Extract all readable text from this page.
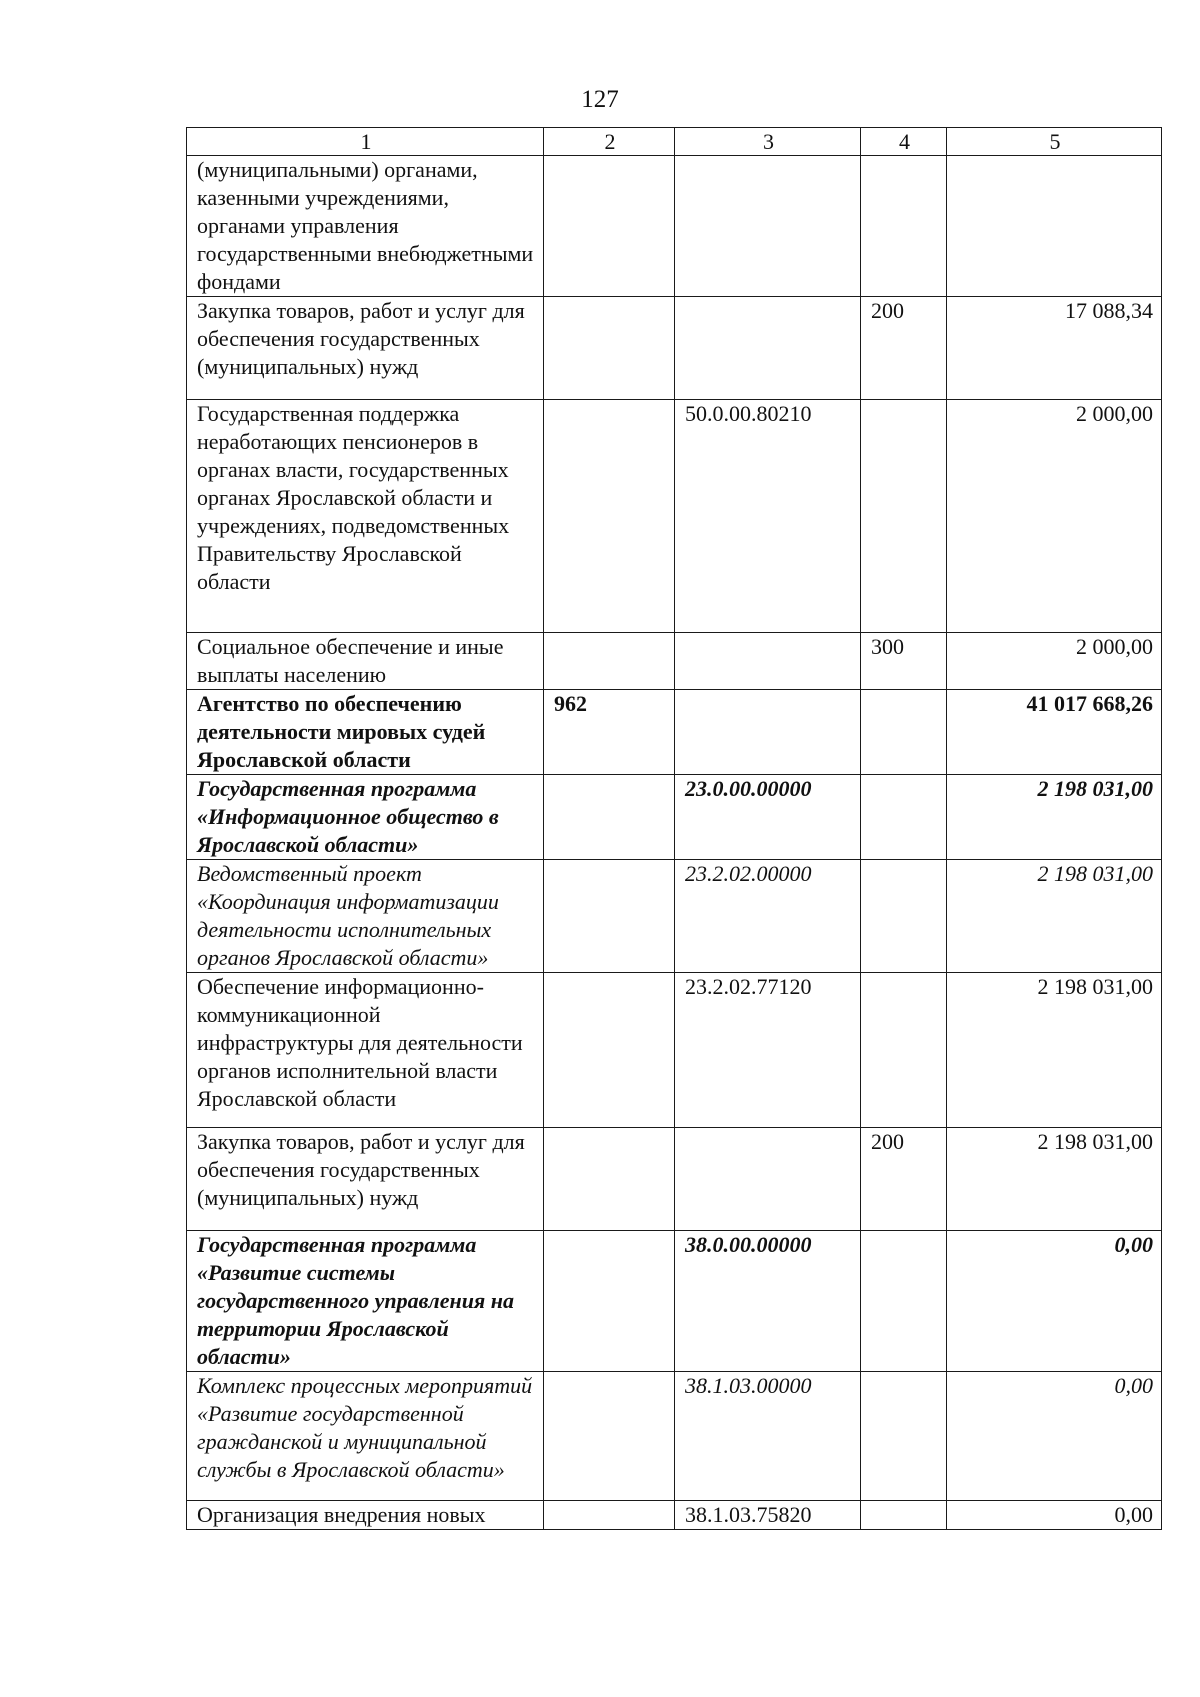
127
1	2	3	4	5
(муниципальными) органами, казенными учреждениями, органами управления государственными внебюджетными фондами				
Закупка товаров, работ и услуг для обеспечения государственных (муниципальных) нужд			200	17 088,34
Государственная поддержка неработающих пенсионеров в органах власти, государственных органах Ярославской области и учреждениях, подведомственных Правительству Ярославской области		50.0.00.80210		2 000,00
Социальное обеспечение и иные выплаты населению			300	2 000,00
Агентство по обеспечению деятельности мировых судей Ярославской области	962			41 017 668,26
Государственная программа «Информационное общество в Ярославской области»		23.0.00.00000		2 198 031,00
Ведомственный проект «Координация информатизации деятельности исполнительных органов Ярославской области»		23.2.02.00000		2 198 031,00
Обеспечение информационно-коммуникационной инфраструктуры для деятельности органов исполнительной власти Ярославской области		23.2.02.77120		2 198 031,00
Закупка товаров, работ и услуг для обеспечения государственных (муниципальных) нужд			200	2 198 031,00
Государственная программа «Развитие системы государственного управления на территории Ярославской области»		38.0.00.00000		0,00
Комплекс процессных мероприятий «Развитие государственной гражданской и муниципальной службы в Ярославской области»		38.1.03.00000		0,00
Организация внедрения новых		38.1.03.75820		0,00
